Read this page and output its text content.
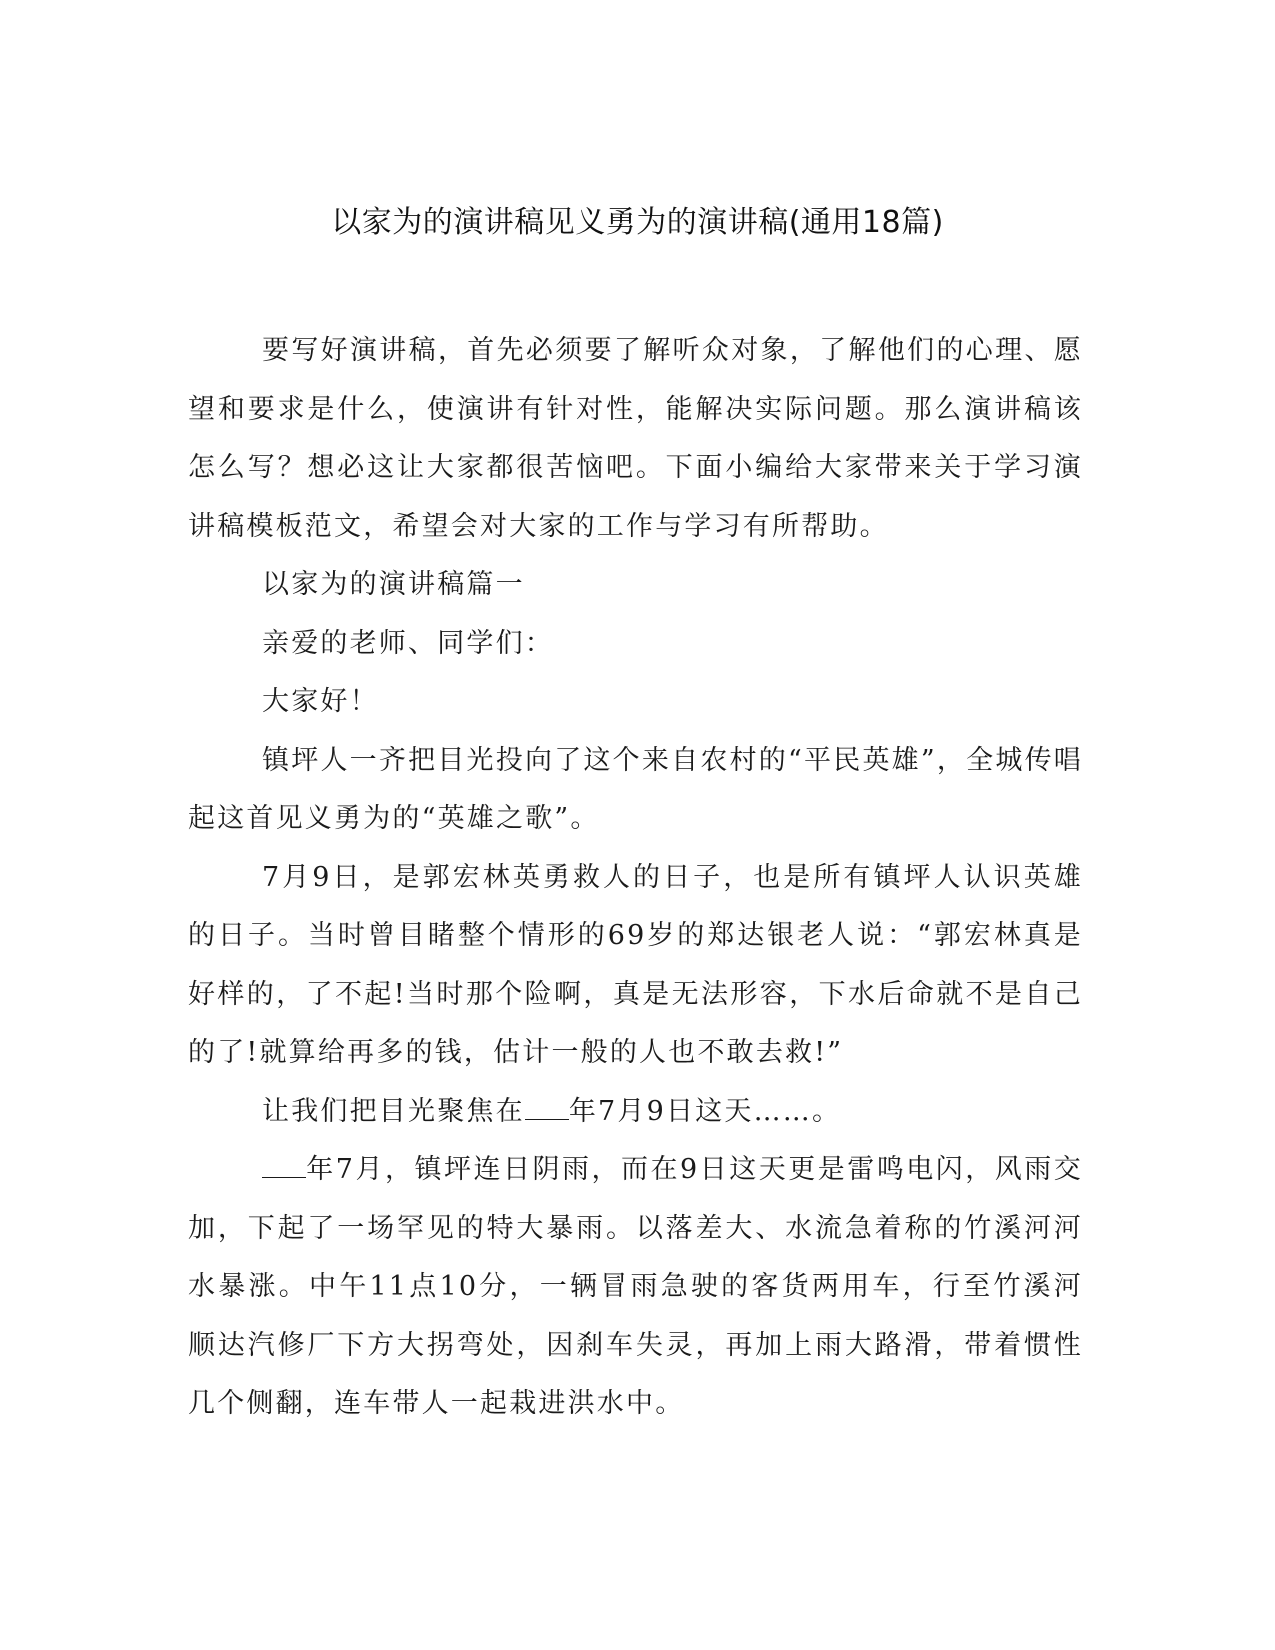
以家为的演讲稿见义勇为的演讲稿(通用18篇)

要写好演讲稿，首先必须要了解听众对象，了解他们的心理、愿望和要求是什么，使演讲有针对性，能解决实际问题。那么演讲稿该怎么写？想必这让大家都很苦恼吧。下面小编给大家带来关于学习演讲稿模板范文，希望会对大家的工作与学习有所帮助。

以家为的演讲稿篇一

亲爱的老师、同学们：

大家好！

镇坪人一齐把目光投向了这个来自农村的“平民英雄”，全城传唱起这首见义勇为的“英雄之歌”。

7月9日，是郭宏林英勇救人的日子，也是所有镇坪人认识英雄的日子。当时曾目睹整个情形的69岁的郑达银老人说：“郭宏林真是好样的，了不起!当时那个险啊，真是无法形容，下水后命就不是自己的了!就算给再多的钱，估计一般的人也不敢去救!”

让我们把目光聚焦在 年7月9日这天……。

年7月，镇坪连日阴雨，而在9日这天更是雷鸣电闪，风雨交加，下起了一场罕见的特大暴雨。以落差大、水流急着称的竹溪河河水暴涨。中午11点10分，一辆冒雨急驶的客货两用车，行至竹溪河顺达汽修厂下方大拐弯处，因刹车失灵，再加上雨大路滑，带着惯性几个侧翻，连车带人一起栽进洪水中。
